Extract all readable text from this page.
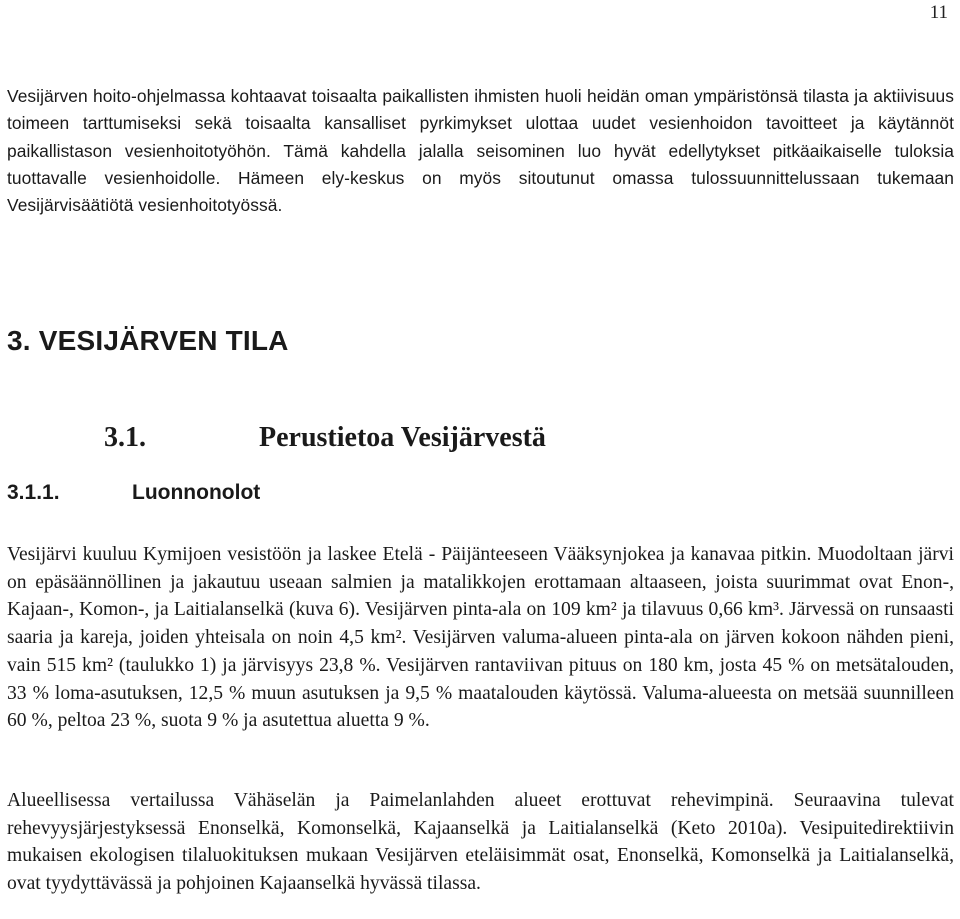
11

Vesijärven hoito-ohjelmassa kohtaavat toisaalta paikallisten ihmisten huoli heidän oman ympäristönsä tilasta ja aktiivisuus toimeen tarttumiseksi sekä toisaalta kansalliset pyrkimykset ulottaa uudet vesienhoidon tavoitteet ja käytännöt paikallistason vesienhoitotyöhön. Tämä kahdella jalalla seisominen luo hyvät edellytykset pitkäaikaiselle tuloksia tuottavalle vesienhoidolle. Hämeen ely-keskus on myös sitoutunut omassa tulossuunnittelussaan tukemaan Vesijärvisäätiötä vesienhoitotyössä.

3. VESIJÄRVEN TILA
3.1.	Perustietoa Vesijärvestä
3.1.1.	Luonnonolot

Vesijärvi kuuluu Kymijoen vesistöön ja laskee Etelä - Päijänteeseen Vääksynjokea ja kanavaa pitkin. Muodoltaan järvi on epäsäännöllinen ja jakautuu useaan salmien ja matalikkojen erottamaan altaaseen, joista suurimmat ovat Enon-, Kajaan-, Komon-, ja Laitialanselkä (kuva 6). Vesijärven pinta-ala on 109 km² ja tilavuus 0,66 km³. Järvessä on runsaasti saaria ja kareja, joiden yhteisala on noin 4,5 km². Vesijärven valuma-alueen pinta-ala on järven kokoon nähden pieni, vain 515 km² (taulukko 1) ja järvisyys 23,8 %. Vesijärven rantaviivan pituus on 180 km, josta 45 % on metsätalouden, 33 % loma-asutuksen, 12,5 % muun asutuksen ja 9,5 % maatalouden käytössä. Valuma-alueesta on metsää suunnilleen 60 %, peltoa 23 %, suota 9 % ja asutettua aluetta 9 %.

Alueellisessa vertailussa Vähäselän ja Paimelanlahden alueet erottuvat rehevimpinä. Seuraavina tulevat rehevyysjärjestyksessä Enonselkä, Komonselkä, Kajaanselkä ja Laitialanselkä (Keto 2010a). Vesipuitedirektiivin mukaisen ekologisen tilaluokituksen mukaan Vesijärven eteläisimmät osat, Enonselkä, Komonselkä ja Laitialanselkä, ovat tyydyttävässä ja pohjoinen Kajaanselkä hyvässä tilassa.
